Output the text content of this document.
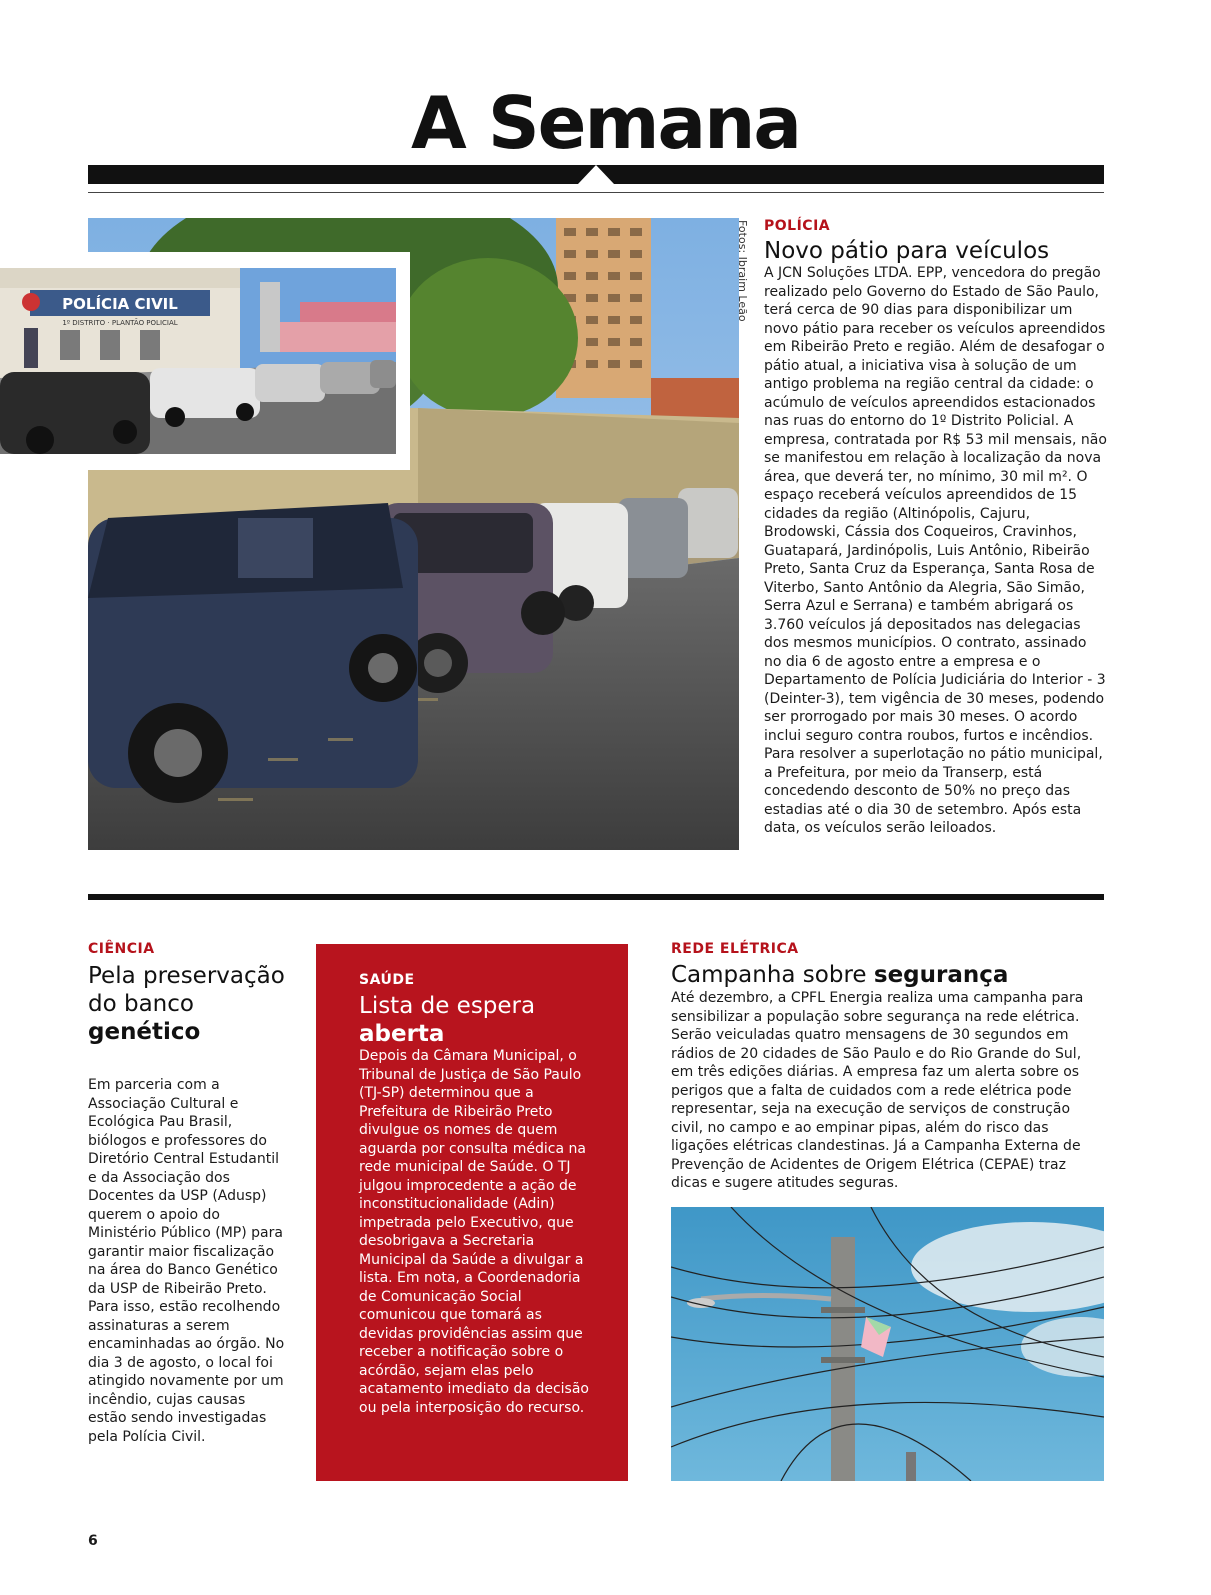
A Semana
POLÍCIA CIVIL
1º DISTRITO · PLANTÃO POLICIAL
Fotos: Ibraim Leão POLÍCIA
Novo pátio para veículos
A JCN Soluções LTDA. EPP, vencedora do pregão realizado pelo Governo do Estado de São Paulo, terá cerca de 90 dias para disponibilizar um novo pátio para receber os veículos apreendidos em Ribeirão Preto e região. Além de desafogar o pátio atual, a iniciativa visa à solução de um antigo problema na região central da cidade: o acúmulo de veículos apreendidos estacionados nas ruas do entorno do 1º Distrito Policial. A empresa, contratada por R$ 53 mil mensais, não se manifestou em relação à localização da nova área, que deverá ter, no mínimo, 30 mil m². O espaço receberá veículos apreendidos de 15 cidades da região (Altinópolis, Cajuru, Brodowski, Cássia dos Coqueiros, Cravinhos, Guatapará, Jardinópolis, Luis Antônio, Ribeirão Preto, Santa Cruz da Esperança, Santa Rosa de Viterbo, Santo Antônio da Alegria, São Simão, Serra Azul e Serrana) e também abrigará os 3.760 veículos já depositados nas delegacias dos mesmos municípios. O contrato, assinado no dia 6 de agosto entre a empresa e o Departamento de Polícia Judiciária do Interior - 3 (Deinter-3), tem vigência de 30 meses, podendo ser prorrogado por mais 30 meses. O acordo inclui seguro contra roubos, furtos e incêndios. Para resolver a superlotação no pátio municipal, a Prefeitura, por meio da Transerp, está concedendo desconto de 50% no preço das estadias até o dia 30 de setembro. Após esta data, os veículos serão leiloados.
CIÊNCIA
Pela preservação do banco genético
Em parceria com a Associação Cultural e Ecológica Pau Brasil, biólogos e professores do Diretório Central Estudantil e da Associação dos Docentes da USP (Adusp) querem o apoio do Ministério Público (MP) para garantir maior fiscalização na área do Banco Genético da USP de Ribeirão Preto. Para isso, estão recolhendo assinaturas a serem encaminhadas ao órgão. No dia 3 de agosto, o local foi atingido novamente por um incêndio, cujas causas estão sendo investigadas pela Polícia Civil.
SAÚDE
Lista de espera aberta
Depois da Câmara Municipal, o Tribunal de Justiça de São Paulo (TJ-SP) determinou que a Prefeitura de Ribeirão Preto divulgue os nomes de quem aguarda por consulta médica na rede municipal de Saúde. O TJ julgou improcedente a ação de inconstitucionalidade (Adin) impetrada pelo Executivo, que desobrigava a Secretaria Municipal da Saúde a divulgar a lista. Em nota, a Coordenadoria de Comunicação Social comunicou que tomará as devidas providências assim que receber a notificação sobre o acórdão, sejam elas pelo acatamento imediato da decisão ou pela interposição do recurso.
REDE ELÉTRICA
Campanha sobre segurança
Até dezembro, a CPFL Energia realiza uma campanha para sensibilizar a população sobre segurança na rede elétrica. Serão veiculadas quatro mensagens de 30 segundos em rádios de 20 cidades de São Paulo e do Rio Grande do Sul, em três edições diárias. A empresa faz um alerta sobre os perigos que a falta de cuidados com a rede elétrica pode representar, seja na execução de serviços de construção civil, no campo e ao empinar pipas, além do risco das ligações elétricas clandestinas. Já a Campanha Externa de Prevenção de Acidentes de Origem Elétrica (CEPAE) traz dicas e sugere atitudes seguras.
6
